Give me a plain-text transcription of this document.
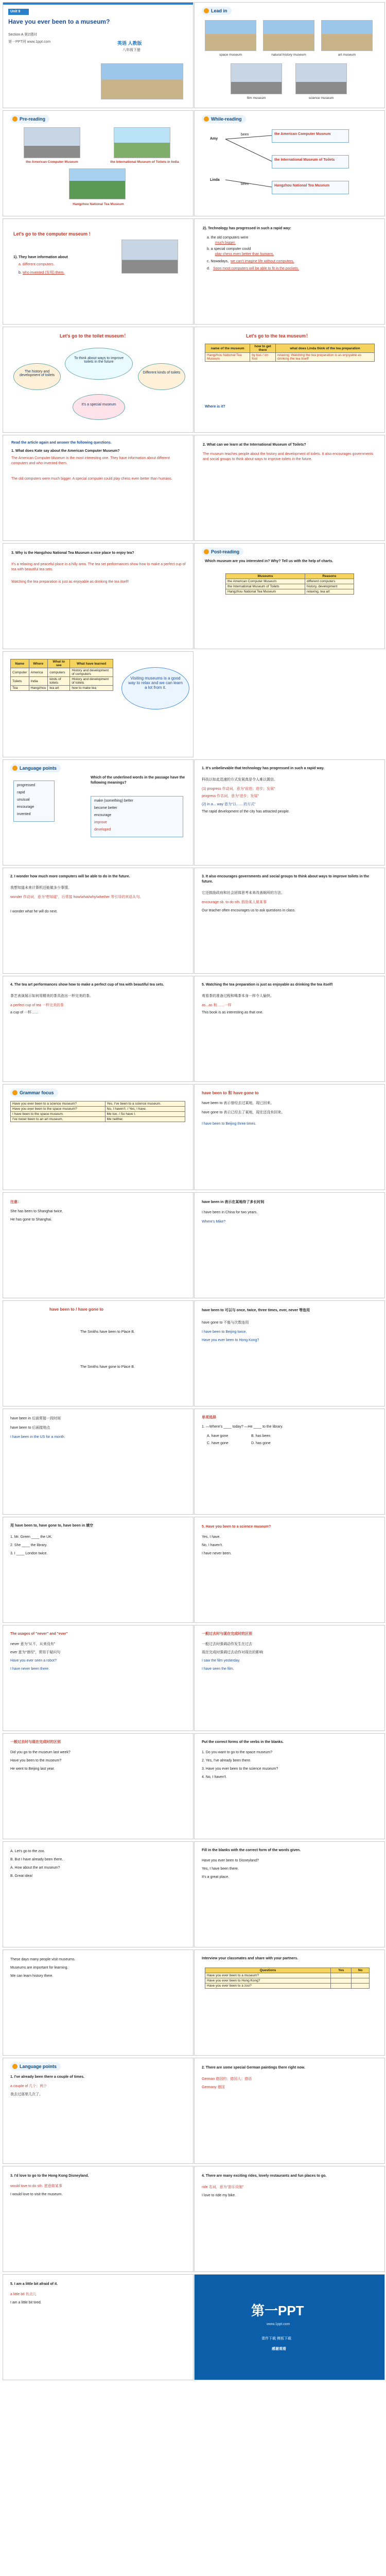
Unit 9
Have you ever been to a museum?
Section A 第2课时
第一PPT网 www.1ppt.com	英语 人教版
八年级下册
Lead in
space museum	natural history museum	art museum
film museum	science museum
Pre-reading
the American Computer Museum	the International Museum of Toilets in India
Hangzhou National Tea Museum
While-reading
Amy
Linda
the American Computer Museum
the International Museum of Toilets
Hangzhou National Tea Museum
been
been
Let's go to the computer museum !
1). They have information about
a. different computers.
b. who invented (发明) them.
2). Technology has progressed in such a rapid way:
a. the old computers were
much bigger.
b. a special computer could
play chess even better than humans.
c. Nowadays, we can't imagine life without computers.
d. Soon most computers will be able to fit in the pockets.
Let's go to the toilet museum！
To think about ways to improve toilets in the future
The history and development of toilets
Different kinds of toilets
It's a special museum
Let's go to the tea museum！
name of the museum	how to get there	what does Linda think of the tea preparation
Hangzhou National Tea Museum	by bus / on foot	relaxing; Watching the tea preparation is as enjoyable as drinking the tea itself!
Where is it?
Read the article again and answer the following questions.
1. What does Kate say about the American Computer Museum?
The American Computer Museum is the most interesting one. They have information about different computers and who invented them.
The old computers were much bigger. A special computer could play chess even better than humans.
2. What can we learn at the International Museum of Toilets?
The museum teaches people about the history and development of toilets. It also encourages governments and social groups to think about ways to improve toilets in the future.
3. Why is the Hangzhou National Tea Museum a nice place to enjoy tea?
It's a relaxing and peaceful place in a hilly area. The tea set performances show how to make a perfect cup of tea with beautiful tea sets.
Watching the tea preparation is just as enjoyable as drinking the tea itself!
Post-reading
Which museum are you interested in? Why? Tell us with the help of charts.
Museums	Reasons
the American Computer Museum	different computers
the International Museum of Toilets	history, development
Hangzhou National Tea Museum	relaxing, tea art
Name	Where	What to see	What have learned
Computer	America	computers	History and development of computers
Toilets	India	kinds of toilets	History and development of toilets
Tea	Hangzhou	tea art	how to make tea
Visiting museums is a good way to relax and we can learn a lot from it.
Language points
Which of the underlined words in the passage have the following meanings?
progressed
rapid
unusual
encourage
invented
make (something) better
become better
encourage
improve
developed
1. It's unbelievable that technology has progressed in such a rapid way.
科技以如此迅速的方式发展真是令人难以置信。
(1) progress 作动词，意为“前进；进步；发展”
progress 作名词，意为“进步；发展”
(2) in a... way 意为“以……的方式”
The rapid development of the city has attracted people.
2. I wonder how much more computers will be able to do in the future.
我想知道未来计算机还能做多少事情。
wonder 作动词，意为“想知道”，后常接 how/what/why/whether 等引导的宾语从句。
I wonder what he will do next.
3. It also encourages governments and social groups to think about ways to improve toilets in the future.
它还鼓励政府和社会团体思考未来改善厕所的方法。
encourage sb. to do sth. 鼓励某人做某事
Our teacher often encourages us to ask questions in class.
4. The tea art performances show how to make a perfect cup of tea with beautiful tea sets.
茶艺表演展示如何用精美的茶具泡出一杯完美的茶。
a perfect cup of tea 一杯完美的茶
a cup of 一杯……
5. Watching the tea preparation is just as enjoyable as drinking the tea itself!
观看茶的准备过程和喝茶本身一样令人愉快。
as...as 和……一样
This book is as interesting as that one.
Grammar focus
Have you ever been to a science museum?	Yes, I've been to a science museum.
Have you ever been to the space museum?	No, I haven't. / Yes, I have.
I have been to the space museum.	Me too. / So have I.
I've never been to an art museum.	Me neither.
have been to 和 have gone to
have been to 表示曾经去过某地，现已回来。
have gone to 表示已经去了某地，现在还没有回来。
I have been to Beijing three times.
注意：
She has been to Shanghai twice.
He has gone to Shanghai.
have been in 表示在某地待了多长时间
I have been in China for two years.
Where's Mike?
have been to / have gone to
The Smiths have been to Place B.
The Smiths have gone to Place B.
have been to 可以与 once, twice, three times, ever, never 等连用
have gone to 不能与次数连用
I have been to Beijing twice.
Have you ever been to Hong Kong?
have been in 后面常接一段时间
have been to 后面接地点
I have been in the US for a month.
单项选择
1. —Where's ____ today? —He ____ to the library.
A. have gone	B. has been
C. have gone	D. has gone
用 have been to, have gone to, have been in 填空
1. Mr. Green ____ the UK.
2. She ____ the library.
3. I ____ London twice.
5. Have you been to a science museum?
Yes, I have.
No, I haven't.
I have never been.
The usages of "never" and "ever"
never 意为“从不，从来没有”
ever 意为“曾经”，常用于疑问句
Have you ever seen a robot?
I have never been there.
一般过去时与现在完成时的区别
一般过去时强调动作发生在过去
现在完成时强调过去动作对现在的影响
I saw the film yesterday.
I have seen the film.
一般过去时与现在完成时的区别
Did you go to the museum last week?
Have you been to the museum?
He went to Beijing last year.
Put the correct forms of the verbs in the blanks.
1. Do you want to go to the space museum?
2. Yes, I've already been there.
3. Have you ever been to the science museum?
4. No, I haven't.
A. Let's go to the zoo.
B. But I have already been there.
A. How about the art museum?
B. Great idea!
Fill in the blanks with the correct form of the words given.
Have you ever been to Disneyland?
Yes, I have been there.
It's a great place.
These days many people visit museums.
Museums are important for learning.
We can learn history there.
Interview your classmates and share with your partners.
Questions	Yes	No
Have you ever been to a museum?		
Have you ever been to Hong Kong?		
Have you ever been to a zoo?		
Language points
1. I've already been there a couple of times.
a couple of 几个；两个
我去过那里几次了。
2. There are some special German paintings there right now.
German 德国的；德国人；德语
Germany 德国
3. I'd love to go to the Hong Kong Disneyland.
would love to do sth. 愿意做某事
I would love to visit the museum.
4. There are many exciting rides, lovely restaurants and fun places to go.
ride 名词，意为“游乐设施”
I love to ride my bike.
5. I am a little bit afraid of it.
a little bit 有点儿
I am a little bit tired.
第一PPT
www.1ppt.com
课件下载 模板下载
感谢观看
